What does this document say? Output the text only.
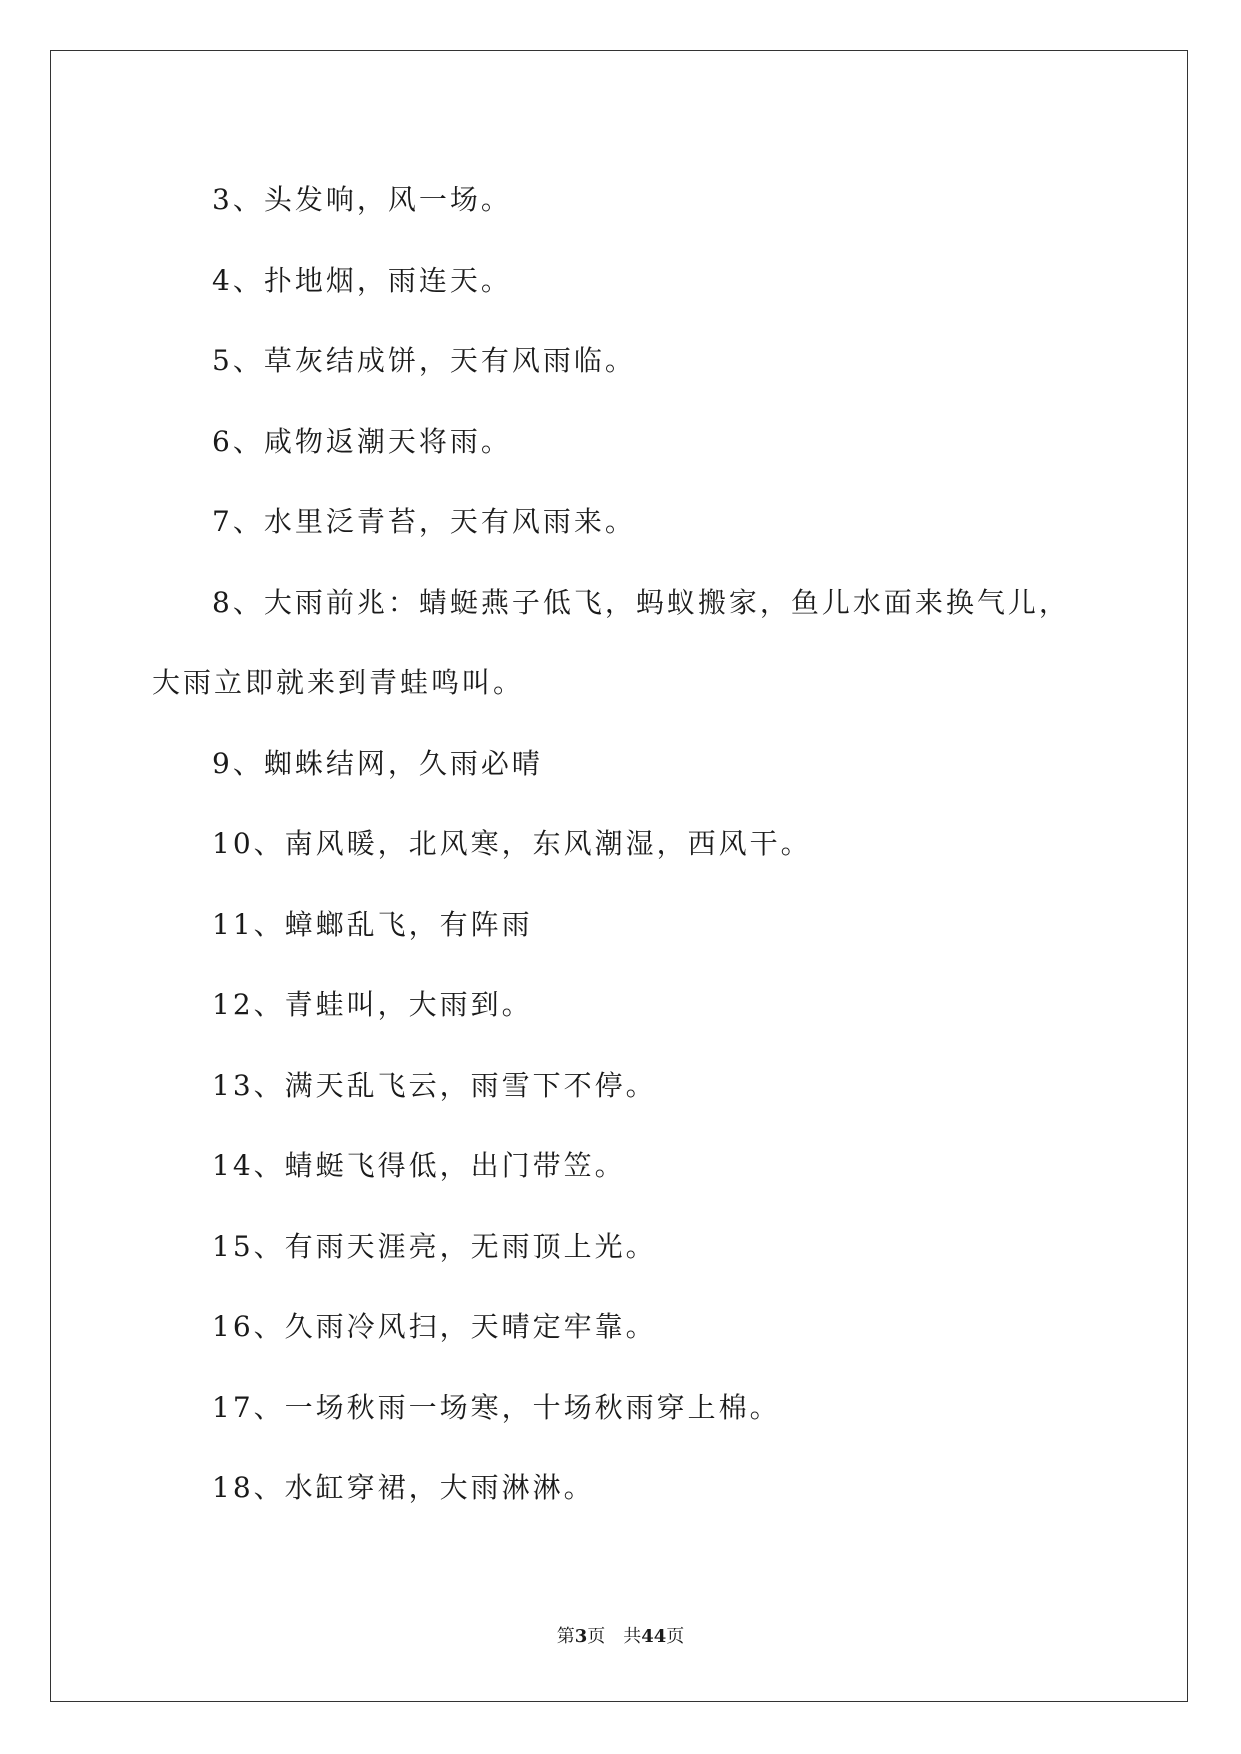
3、头发响，风一场。

4、扑地烟，雨连天。

5、草灰结成饼，天有风雨临。

6、咸物返潮天将雨。

7、水里泛青苔，天有风雨来。

8、大雨前兆：蜻蜓燕子低飞，蚂蚁搬家，鱼儿水面来换气儿，大雨立即就来到青蛙鸣叫。

9、蜘蛛结网，久雨必晴

10、南风暖，北风寒，东风潮湿，西风干。

11、蟑螂乱飞，有阵雨

12、青蛙叫，大雨到。

13、满天乱飞云，雨雪下不停。

14、蜻蜓飞得低，出门带笠。

15、有雨天涯亮，无雨顶上光。

16、久雨冷风扫，天晴定牢靠。

17、一场秋雨一场寒，十场秋雨穿上棉。

18、水缸穿裙，大雨淋淋。

第3页 共44页
